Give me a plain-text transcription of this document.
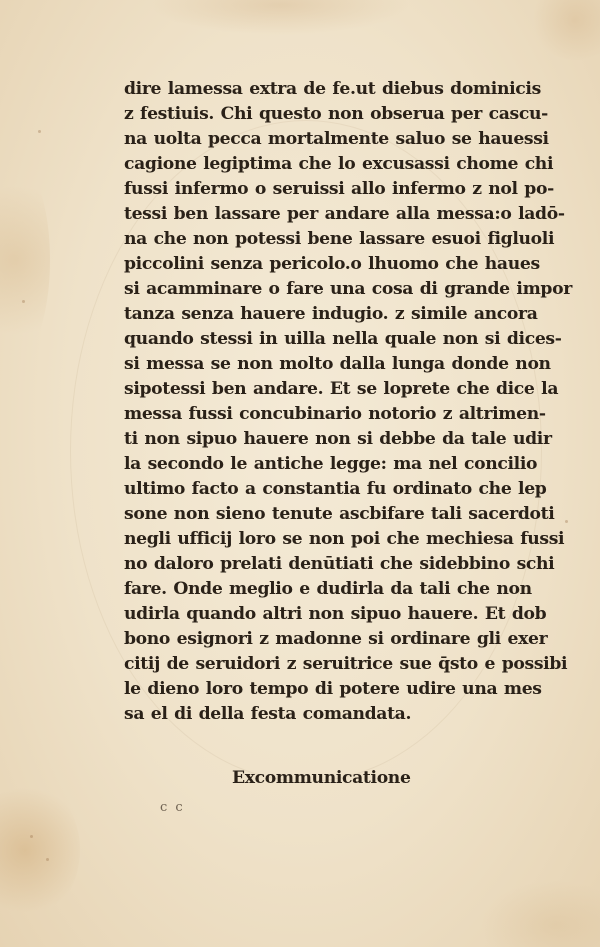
dire lamessa extra de fe.ut diebus dominicis
z festiuis. Chi questo non obserua per cascu-
na uolta pecca mortalmente saluo se hauessi
cagione legiptima che lo excusassi chome chi
fussi infermo o seruissi allo infermo z nol po-
tessi ben lassare per andare alla messa:o ladō-
na che non potessi bene lassare esuoi figluoli
piccolini senza pericolo.o lhuomo che haues
si acamminare o fare una cosa di grande impor
tanza senza hauere indugio. z simile ancora
quando stessi in uilla nella quale non si dices-
si messa se non molto dalla lunga donde non
sipotessi ben andare. Et se loprete che dice la
messa fussi concubinario notorio z altrimen-
ti non sipuo hauere non si debbe da tale udir
la secondo le antiche legge: ma nel concilio
ultimo facto a constantia fu ordinato che lep
sone non sieno tenute ascbifare tali sacerdoti
negli ufficij loro se non poi che mechiesa fussi
no daloro prelati denūtiati che sidebbino schi
fare. Onde meglio e dudirla da tali che non
udirla quando altri non sipuo hauere. Et dob
bono esignori z madonne si ordinare gli exer
citij de seruidori z seruitrice sue q̄sto e possibi
le dieno loro tempo di potere udire una mes
sa el di della festa comandata.
Excommunicatione
c c
